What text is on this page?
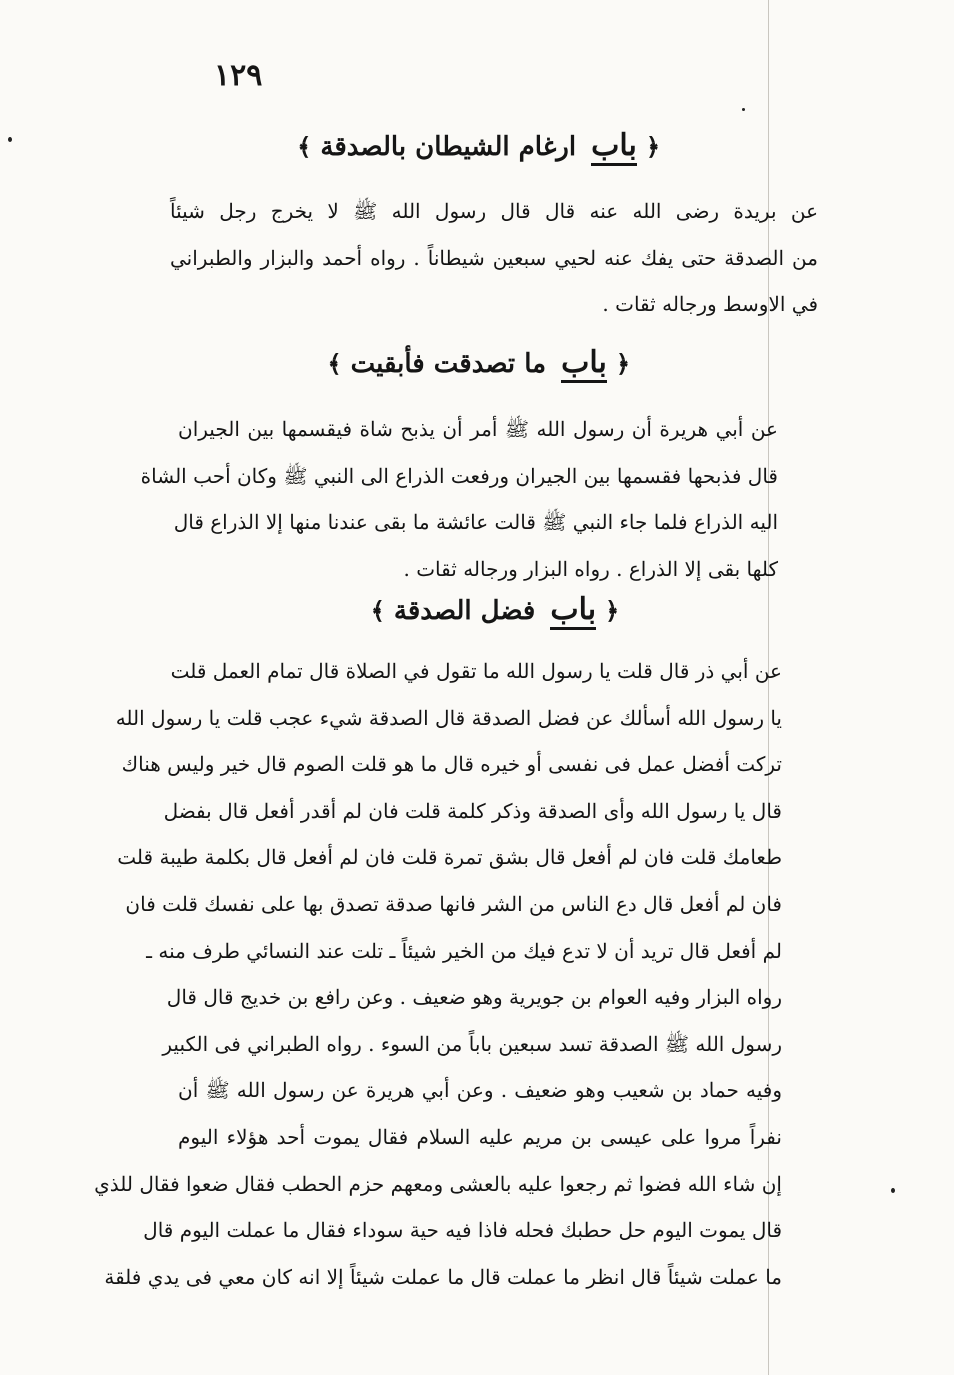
١٢٩
﴿ باب ارغام الشيطان بالصدقة ﴾
عن بريدة رضى الله عنه قال قال رسول الله ﷺ لا يخرج رجل شيئاً
من الصدقة حتى يفك عنه لحيي سبعين شيطاناً . رواه أحمد والبزار والطبراني
في الاوسط ورجاله ثقات .
﴿ باب ما تصدقت فأبقيت ﴾
عن أبي هريرة أن رسول الله ﷺ أمر أن يذبح شاة فيقسمها بين الجيران
قال فذبحها فقسمها بين الجيران ورفعت الذراع الى النبي ﷺ وكان أحب الشاة
اليه الذراع فلما جاء النبي ﷺ قالت عائشة ما بقى عندنا منها إلا الذراع قال
كلها بقى إلا الذراع . رواه البزار ورجاله ثقات .
﴿ باب فضل الصدقة ﴾
عن أبي ذر قال قلت يا رسول الله ما تقول في الصلاة قال تمام العمل قلت
يا رسول الله أسألك عن فضل الصدقة قال الصدقة شيء عجب قلت يا رسول الله
تركت أفضل عمل فى نفسى أو خيره قال ما هو قلت الصوم قال خير وليس هناك
قال يا رسول الله وأى الصدقة وذكر كلمة قلت فان لم أقدر أفعل قال بفضل
طعامك قلت فان لم أفعل قال بشق تمرة قلت فان لم أفعل قال بكلمة طيبة قلت
فان لم أفعل قال دع الناس من الشر فانها صدقة تصدق بها على نفسك قلت فان
لم أفعل قال تريد أن لا تدع فيك من الخير شيئاً ـ تلت عند النسائي طرف منه ـ
رواه البزار وفيه العوام بن جويرية وهو ضعيف . وعن رافع بن خديج قال قال
رسول الله ﷺ الصدقة تسد سبعين باباً من السوء . رواه الطبراني فى الكبير
وفيه حماد بن شعيب وهو ضعيف . وعن أبي هريرة عن رسول الله ﷺ أن
نفراً مروا على عيسى بن مريم عليه السلام فقال يموت أحد هؤلاء اليوم
إن شاء الله فضوا ثم رجعوا عليه بالعشى ومعهم حزم الحطب فقال ضعوا فقال للذي
قال يموت اليوم حل حطبك فحله فاذا فيه حية سوداء فقال ما عملت اليوم قال
ما عملت شيئاً قال انظر ما عملت قال ما عملت شيئاً إلا انه كان معي فى يدي فلقة
